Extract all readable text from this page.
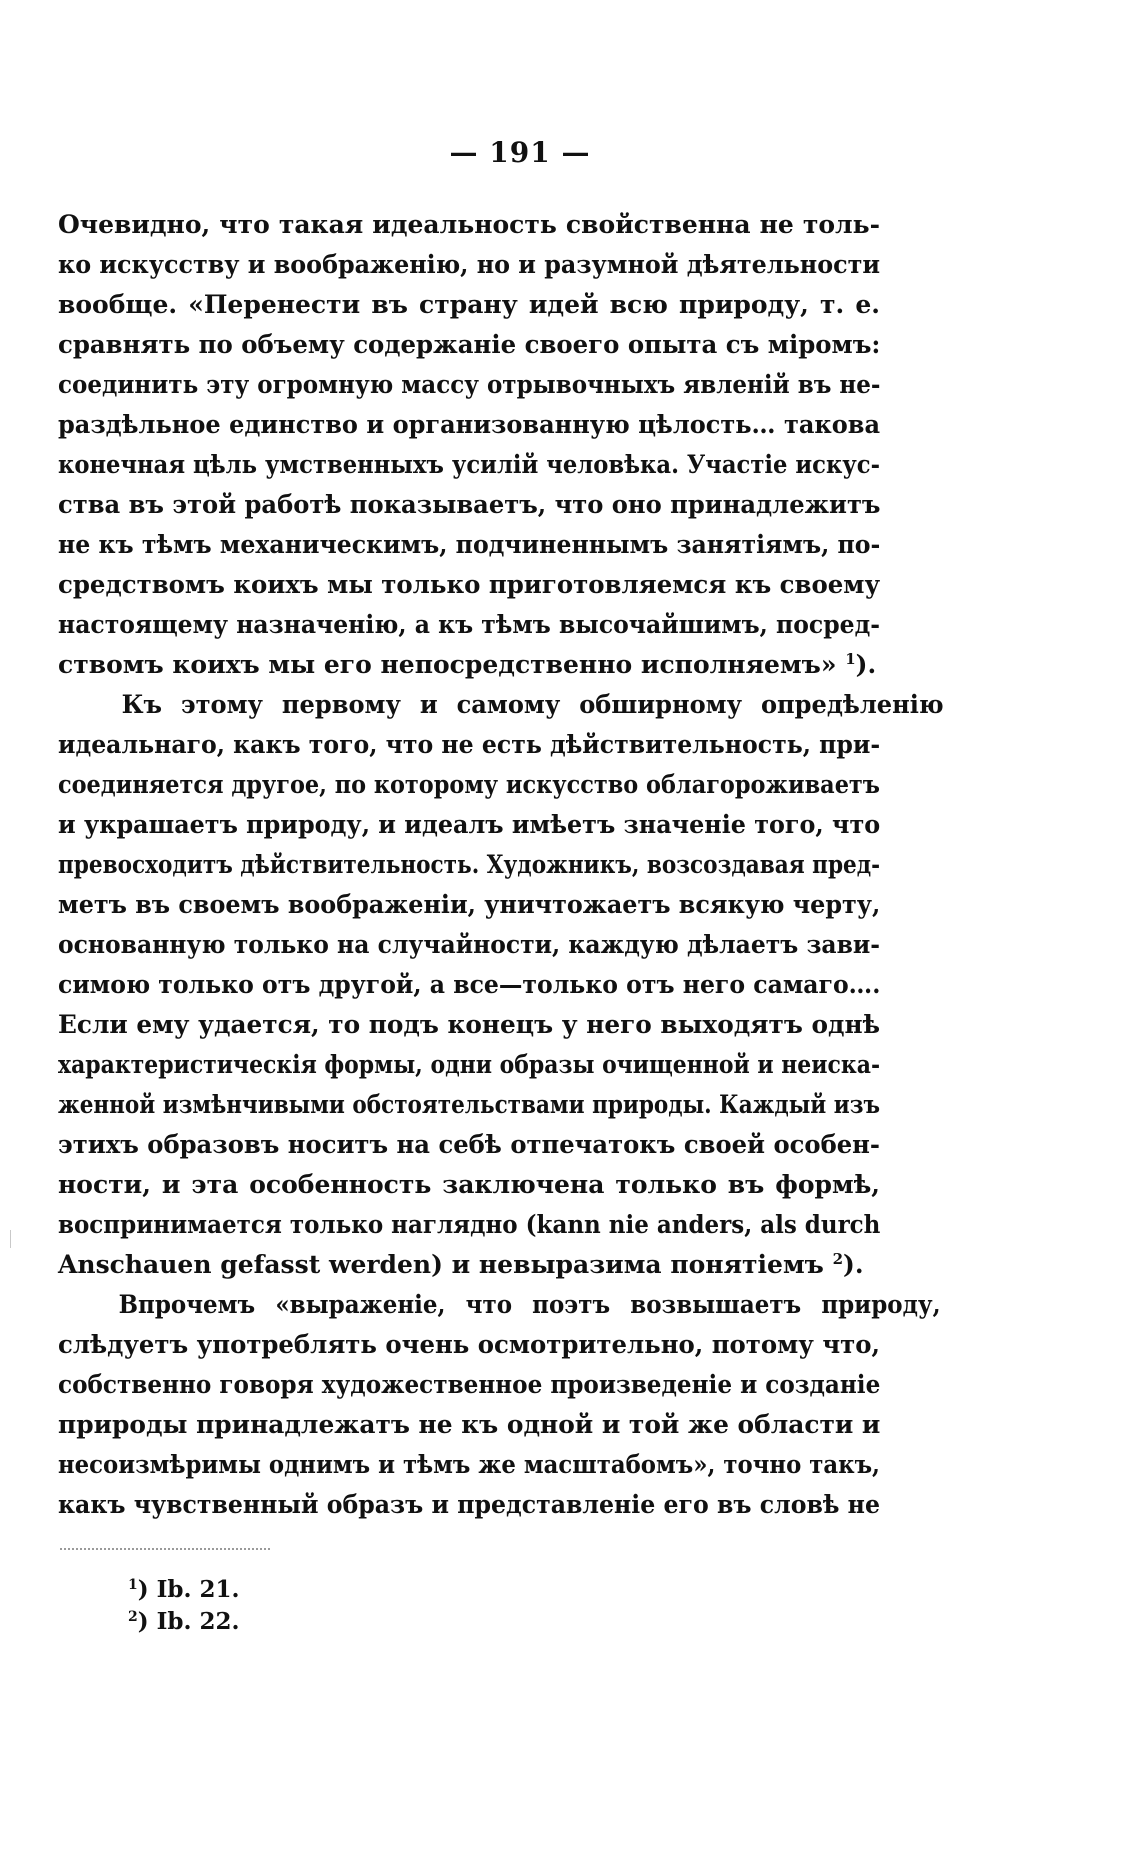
— 191 —
Очевидно, что такая идеальность свойственна не толь-
ко искусству и воображенію, но и разумной дѣятельности
вообще. «Перенести въ страну идей всю природу, т. е.
сравнять по объему содержаніе своего опыта съ міромъ:
соединить эту огромную массу отрывочныхъ явленій въ не-
раздѣльное единство и организованную цѣлость… такова
конечная цѣль умственныхъ усилій человѣка. Участіе искус-
ства въ этой работѣ показываетъ, что оно принадлежитъ
не къ тѣмъ механическимъ, подчиненнымъ занятіямъ, по-
средствомъ коихъ мы только приготовляемся къ своему
настоящему назначенію, а къ тѣмъ высочайшимъ, посред-
ствомъ коихъ мы его непосредственно исполняемъ» $^1$).
Къ этому первому и самому обширному опредѣленію
идеальнаго, какъ того, что не есть дѣйствительность, при-
соединяется другое, по которому искусство облагороживаетъ
и украшаетъ природу, и идеалъ имѣетъ значеніе того, что
превосходитъ дѣйствительность. Художникъ, возсоздавая пред-
метъ въ своемъ воображеніи, уничтожаетъ всякую черту,
основанную только на случайности, каждую дѣлаетъ зави-
симою только отъ другой, а все—только отъ него самаго….
Если ему удается, то подъ конецъ у него выходятъ однѣ
характеристическія формы, одни образы очищенной и неиска-
женной измѣнчивыми обстоятельствами природы. Каждый изъ
этихъ образовъ носитъ на себѣ отпечатокъ своей особен-
ности, и эта особенность заключена только въ формѣ,
воспринимается только наглядно (kann nie anders, als durch
Anschauen gefasst werden) и невыразима понятіемъ $^2$).
Впрочемъ «выраженіе, что поэтъ возвышаетъ природу,
слѣдуетъ употреблять очень осмотрительно, потому что,
собственно говоря художественное произведеніе и созданіе
природы принадлежатъ не къ одной и той же области и
несоизмѣримы однимъ и тѣмъ же масштабомъ», точно такъ,
какъ чувственный образъ и представленіе его въ словѣ не
$^1$) Ib. 21.
$^2$) Ib. 22.
